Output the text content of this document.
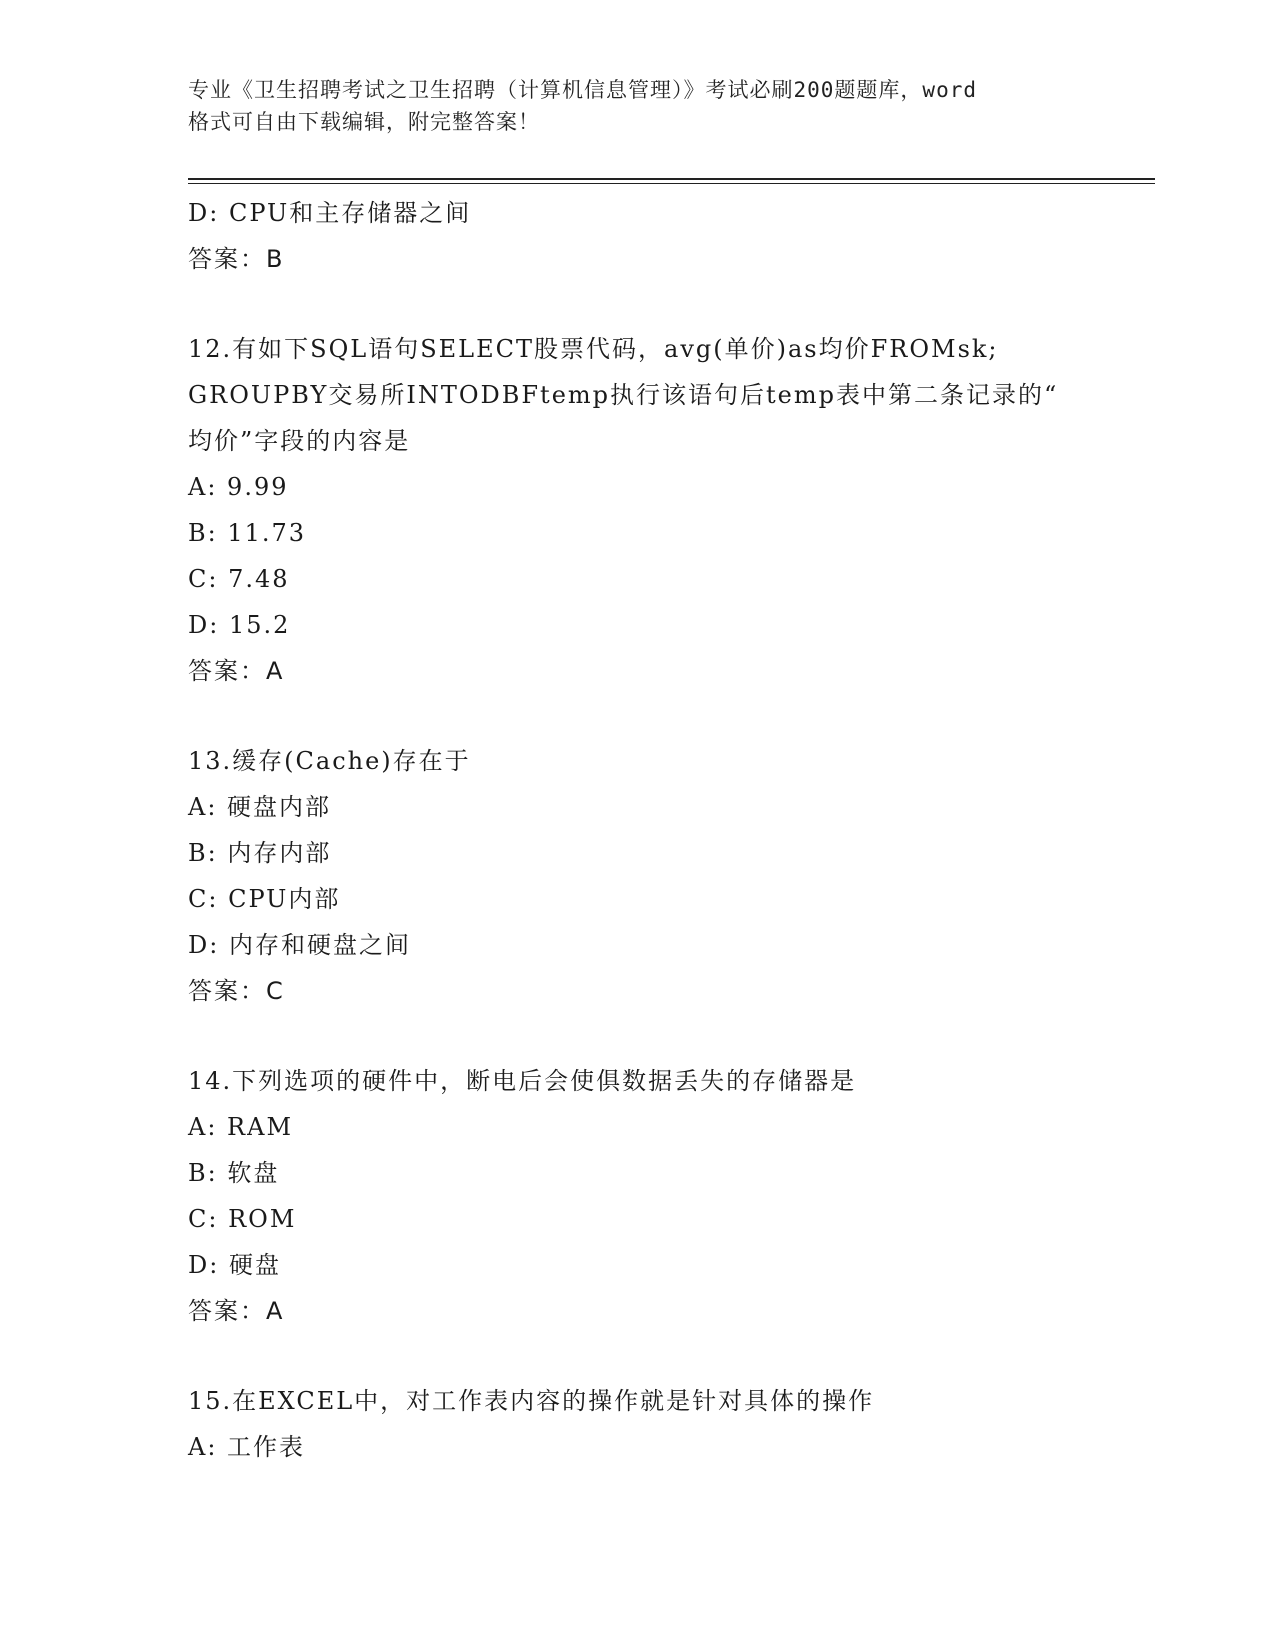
专业《卫生招聘考试之卫生招聘（计算机信息管理）》考试必刷200题题库，word
格式可自由下载编辑，附完整答案！
D: CPU和主存储器之间
答案：B
12.有如下SQL语句SELECT股票代码，avg(单价)as均价FROMsk;
GROUPBY交易所INTODBFtemp执行该语句后temp表中第二条记录的“
均价”字段的内容是
A: 9.99
B: 11.73
C: 7.48
D: 15.2
答案：A
13.缓存(Cache)存在于
A: 硬盘内部
B: 内存内部
C: CPU内部
D: 内存和硬盘之间
答案：C
14.下列选项的硬件中，断电后会使俱数据丢失的存储器是
A: RAM
B: 软盘
C: ROM
D: 硬盘
答案：A
15.在EXCEL中，对工作表内容的操作就是针对具体的操作
A: 工作表
